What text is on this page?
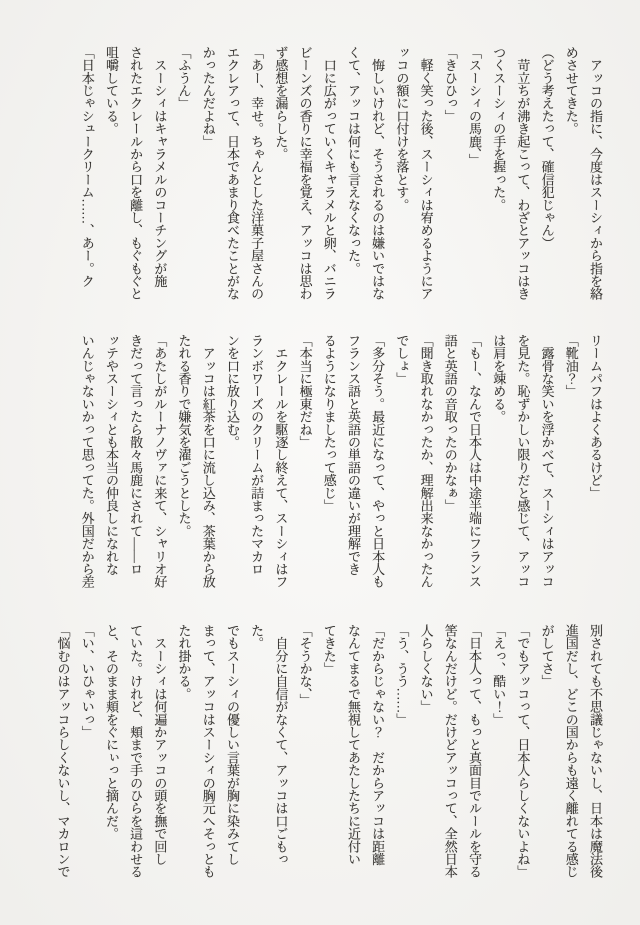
　アッコの指に、今度はスーシィから指を絡
めさせてきた。
（どう考えたって、確信犯じゃん）
　苛立ちが沸き起こって、わざとアッコはき
つくスーシィの手を握った。
「スーシィの馬鹿、」
「きひひっ」
　軽く笑った後、スーシィは宥めるようにア
ッコの額に口付けを落とす。
　悔しいけれど、そうされるのは嫌いではな
くて、アッコは何にも言えなくなった。
　口に広がっていくキャラメルと卵、バニラ
ビーンズの香りに幸福を覚え、アッコは思わ
ず感想を漏らした。
「あー、幸せ。ちゃんとした洋菓子屋さんの
エクレアって、日本であまり食べたことがな
かったんだよね」
「ふうん」
　スーシィはキャラメルのコーチングが施
されたエクレールから口を離し、もぐもぐと
咀嚼している。
「日本じゃシュークリーム……、あー。ク
リームパフはよくあるけど」
「靴油？」
　露骨な笑いを浮かべて、スーシィはアッコ
を見た。恥ずかしい限りだと感じて、アッコ
は肩を竦める。
「もー、なんで日本人は中途半端にフランス
語と英語の音取ったのかなぁ」
「聞き取れなかったか、理解出来なかったん
でしょ」
「多分そう。最近になって、やっと日本人も
フランス語と英語の単語の違いが理解でき
るようになりましたって感じ」
「本当に極東だね」
　エクレールを駆逐し終えて、スーシィはフ
ランボワーズのクリームが詰まったマカロ
ンを口に放り込む。
　アッコは紅茶を口に流し込み、茶葉から放
たれる香りで嫌気を濯ごうとした。
「あたしがルーナノヴァに来て、シャリオ好
きだって言ったら散々馬鹿にされて――ロ
ッテやスーシィとも本当の仲良しになれな
いんじゃないかって思ってた。外国だから差
別されても不思議じゃないし、日本は魔法後
進国だし、どこの国からも遠く離れてる感じ
がしてさ」
「でもアッコって、日本人らしくないよね」
「えっ、酷い！」
「日本人って、もっと真面目でルールを守る
筈なんだけど。だけどアッコって、全然日本
人らしくない」
「う、うう……」
「だからじゃない？　だからアッコは距離
なんてまるで無視してあたしたちに近付い
てきた」
「そうかな、」
　自分に自信がなくて、アッコは口ごもった。
でもスーシィの優しい言葉が胸に染みてし
まって、アッコはスーシィの胸元へそっとも
たれ掛かる。
　スーシィは何遍かアッコの頭を撫で回し
ていた。けれど、頬まで手のひらを這わせる
と、そのまま頬をぐにぃっと摘んだ。
「い、いひゃいっ」
「悩むのはアッコらしくないし、マカロンで
